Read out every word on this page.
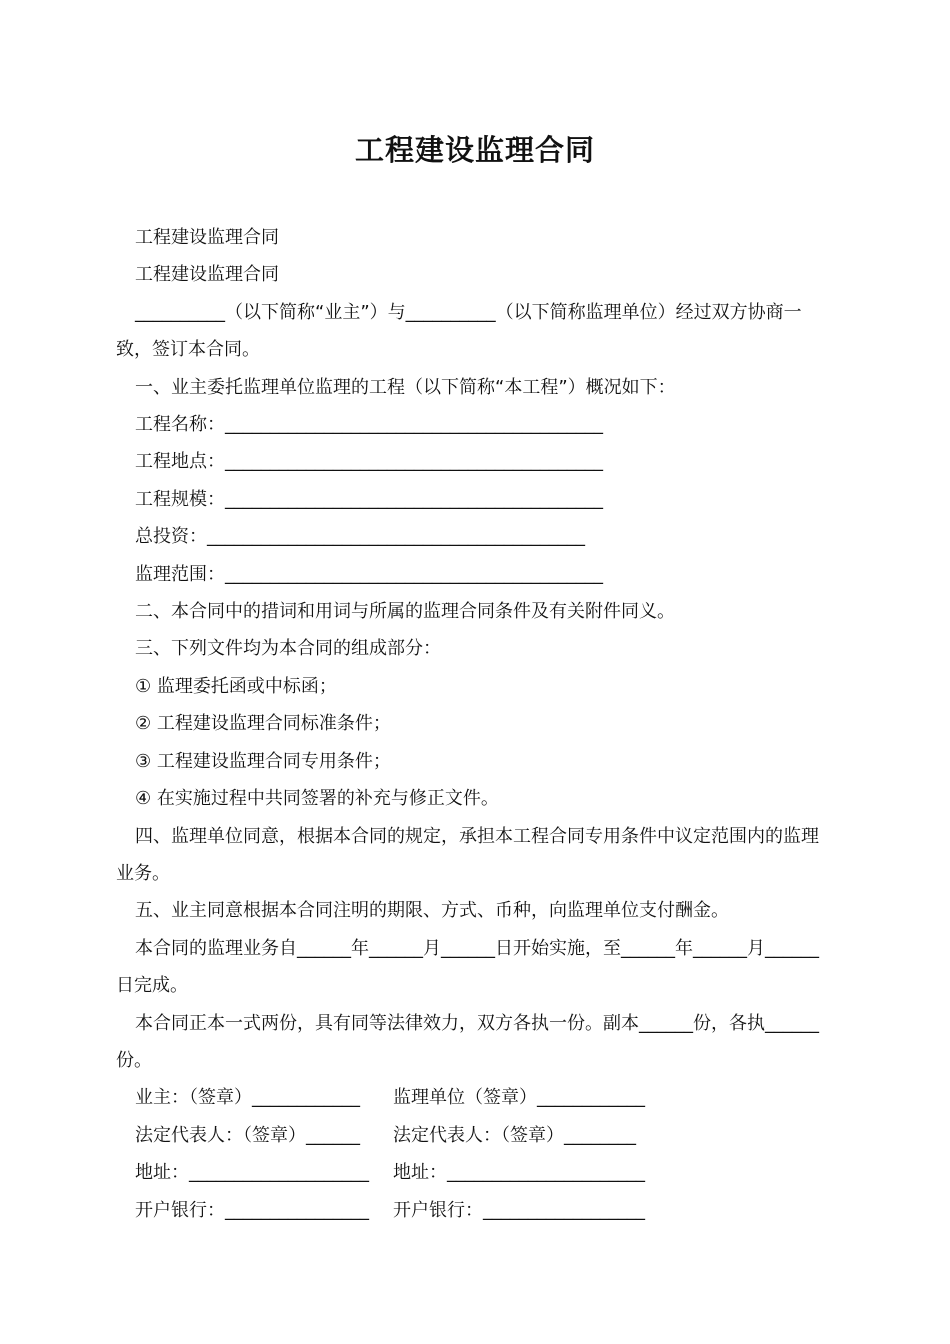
工程建设监理合同

工程建设监理合同

工程建设监理合同

__________（以下简称“业主”）与__________（以下简称监理单位）经过双方协商一致，签订本合同。

一、业主委托监理单位监理的工程（以下简称“本工程”）概况如下：

工程名称：__________________________________________

工程地点：__________________________________________

工程规模：__________________________________________

总投资：__________________________________________

监理范围：__________________________________________

二、本合同中的措词和用词与所属的监理合同条件及有关附件同义。

三、下列文件均为本合同的组成部分：

① 监理委托函或中标函；

② 工程建设监理合同标准条件；

③ 工程建设监理合同专用条件；

④ 在实施过程中共同签署的补充与修正文件。

四、监理单位同意，根据本合同的规定，承担本工程合同专用条件中议定范围内的监理业务。

五、业主同意根据本合同注明的期限、方式、币种，向监理单位支付酬金。

本合同的监理业务自______年______月______日开始实施，至______年______月______日完成。

本合同正本一式两份，具有同等法律效力，双方各执一份。副本______份，各执______份。

业主：（签章）____________	监理单位（签章）____________
法定代表人：（签章）______	法定代表人：（签章）________
地址：____________________	地址：______________________
开户银行：________________	开户银行：__________________
